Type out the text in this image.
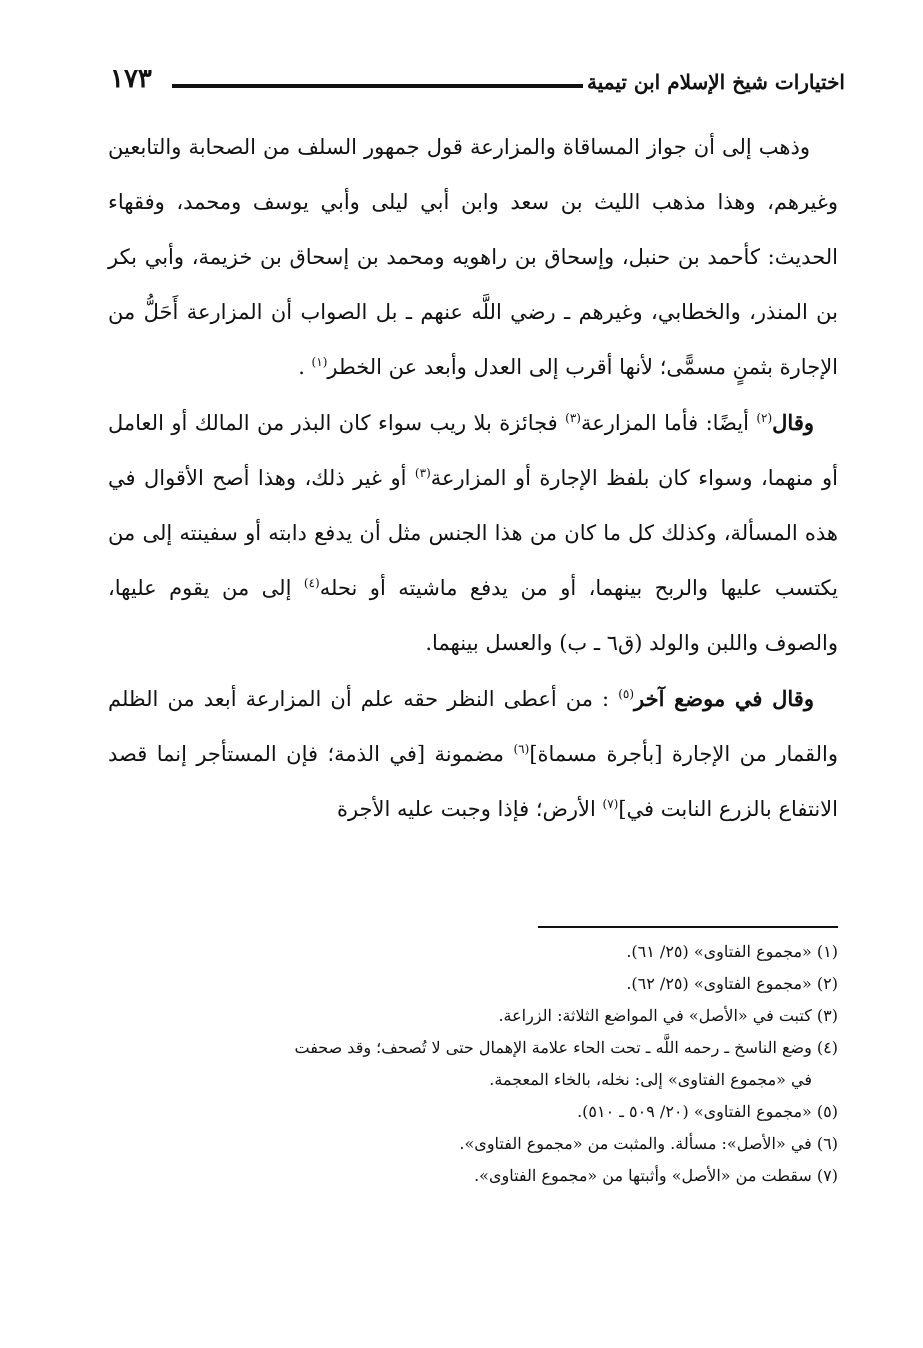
اختيارات شيخ الإسلام ابن تيمية
١٧٣

وذهب إلى أن جواز المساقاة والمزارعة قول جمهور السلف من الصحابة والتابعين وغيرهم، وهذا مذهب الليث بن سعد وابن أبي ليلى وأبي يوسف ومحمد، وفقهاء الحديث: كأحمد بن حنبل، وإسحاق بن راهويه ومحمد بن إسحاق بن خزيمة، وأبي بكر بن المنذر، والخطابي، وغيرهم ـ رضي اللَّه عنهم ـ بل الصواب أن المزارعة أَحَلُّ من الإجارة بثمنٍ مسمًّى؛ لأنها أقرب إلى العدل وأبعد عن الخطر$^{(١)}$ .

وقال$^{(٢)}$ أيضًا: فأما المزارعة$^{(٣)}$ فجائزة بلا ريب سواء كان البذر من المالك أو العامل أو منهما، وسواء كان بلفظ الإجارة أو المزارعة$^{(٣)}$ أو غير ذلك، وهذا أصح الأقوال في هذه المسألة، وكذلك كل ما كان من هذا الجنس مثل أن يدفع دابته أو سفينته إلى من يكتسب عليها والربح بينهما، أو من يدفع ماشيته أو نحله$^{(٤)}$ إلى من يقوم عليها، والصوف واللبن والولد (ق٦ ـ ب) والعسل بينهما.

وقال في موضع آخر$^{(٥)}$ : من أعطى النظر حقه علم أن المزارعة أبعد من الظلم والقمار من الإجارة [بأجرة مسماة]$^{(٦)}$ مضمونة [في الذمة؛ فإن المستأجر إنما قصد الانتفاع بالزرع النابت في]$^{(٧)}$ الأرض؛ فإذا وجبت عليه الأجرة

(١) «مجموع الفتاوى» (٢٥/ ٦١).

(٢) «مجموع الفتاوى» (٢٥/ ٦٢).

(٣) كتبت في «الأصل» في المواضع الثلاثة: الزراعة.

(٤) وضع الناسخ ـ رحمه اللَّه ـ تحت الحاء علامة الإهمال حتى لا تُصحف؛ وقد صحفت

في «مجموع الفتاوى» إلى: نخله، بالخاء المعجمة.

(٥) «مجموع الفتاوى» (٢٠/ ٥٠٩ ـ ٥١٠).

(٦) في «الأصل»: مسألة. والمثبت من «مجموع الفتاوى».

(٧) سقطت من «الأصل» وأثبتها من «مجموع الفتاوى».
